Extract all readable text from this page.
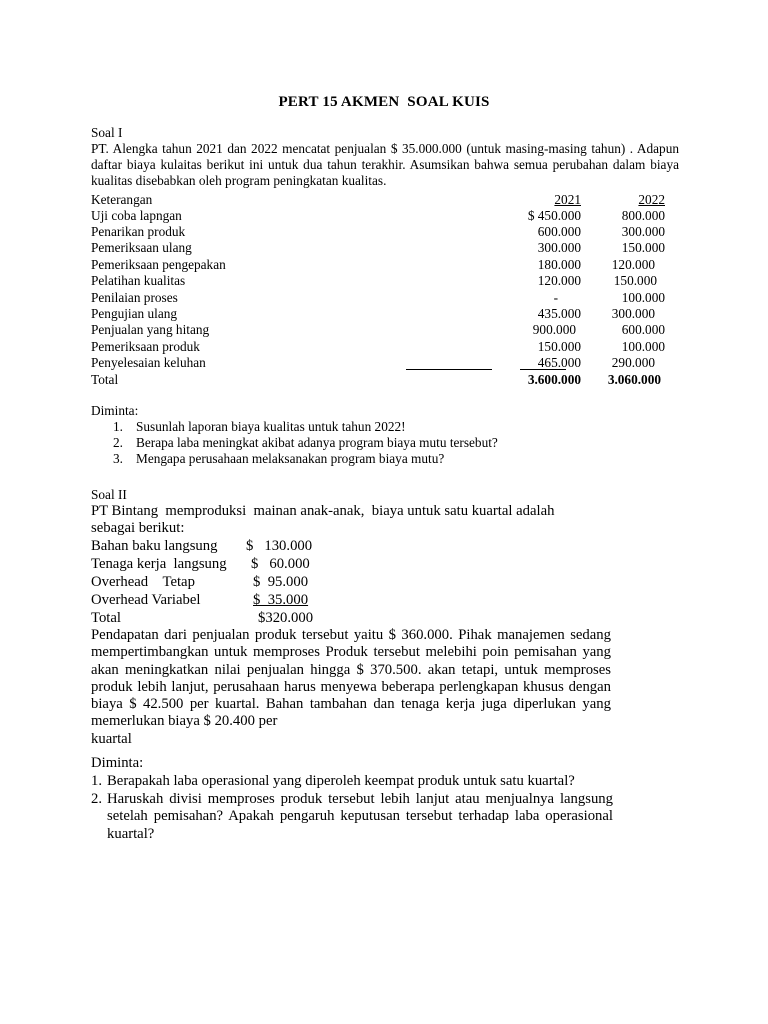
PERT 15 AKMEN  SOAL KUIS
Soal I
PT. Alengka tahun 2021 dan 2022 mencatat penjualan $ 35.000.000 (untuk masing-masing tahun) . Adapun daftar biaya kulaitas berikut ini untuk dua tahun terakhir. Asumsikan bahwa semua perubahan dalam biaya kualitas disebabkan oleh program peningkatan kualitas.
Keterangan	2021	2022
Uji coba lapngan	$ 450.000	800.000
Penarikan produk	600.000	300.000
Pemeriksaan ulang	300.000	150.000
Pemeriksaan pengepakan	180.000 120.000
Pelatihan kualitas	120.000 150.000
Penilaian proses	-	100.000
Pengujian ulang	435.000 300.000
Penjualan yang hitang	900.000	600.000
Pemeriksaan produk	150.000	100.000
Penyelesaian keluhan	465.000 290.000
Total	3.600.000 3.060.000
Diminta:
1. Susunlah laporan biaya kualitas untuk tahun 2022!
2. Berapa laba meningkat akibat adanya program biaya mutu tersebut?
3. Mengapa perusahaan melaksanakan program biaya mutu?
Soal II
PT Bintang  memproduksi  mainan anak-anak,  biaya untuk satu kuartal adalah
sebagai berikut:
Bahan baku langsung $   130.000
Tenaga kerja  langsung $   60.000
Overhead    Tetap	$  95.000
Overhead Variabel	$  35.000
Total	$320.000
Pendapatan dari penjualan produk tersebut yaitu $ 360.000. Pihak manajemen sedang mempertimbangkan untuk memproses Produk tersebut melebihi poin pemisahan yang akan meningkatkan nilai penjualan hingga $ 370.500. akan tetapi, untuk memproses produk lebih lanjut, perusahaan harus menyewa beberapa perlengkapan khusus dengan biaya $ 42.500 per kuartal. Bahan tambahan dan tenaga kerja juga diperlukan yang memerlukan biaya $ 20.400 per
kuartal
Diminta:
1. Berapakah laba operasional yang diperoleh keempat produk untuk satu kuartal?
2. Haruskah divisi memproses produk tersebut lebih lanjut atau menjualnya langsung setelah pemisahan? Apakah pengaruh keputusan tersebut terhadap laba operasional kuartal?
